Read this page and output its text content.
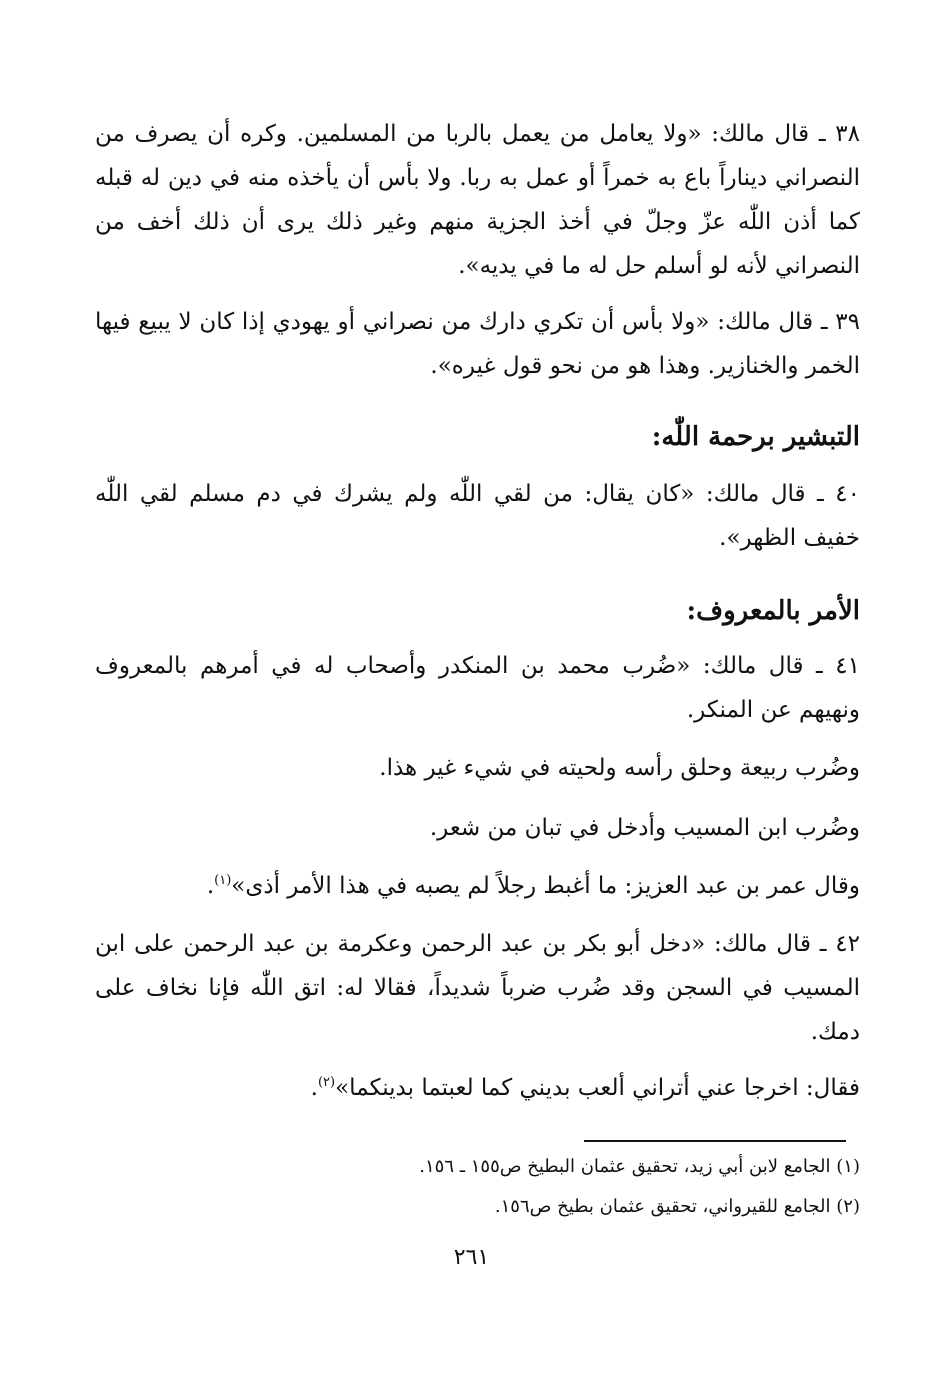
٣٨ ـ قال مالك: «ولا يعامل من يعمل بالربا من المسلمين. وكره أن يصرف من النصراني ديناراً باع به خمراً أو عمل به ربا. ولا بأس أن يأخذه منه في دين له قبله كما أذن اللّٰه عزّ وجلّ في أخذ الجزية منهم وغير ذلك يرى أن ذلك أخف من النصراني لأنه لو أسلم حل له ما في يديه».

٣٩ ـ قال مالك: «ولا بأس أن تكري دارك من نصراني أو يهودي إذا كان لا يبيع فيها الخمر والخنازير. وهذا هو من نحو قول غيره».

التبشير برحمة اللّٰه:

٤٠ ـ قال مالك: «كان يقال: من لقي اللّٰه ولم يشرك في دم مسلم لقي اللّٰه خفيف الظهر».

الأمر بالمعروف:

٤١ ـ قال مالك: «ضُرب محمد بن المنكدر وأصحاب له في أمرهم بالمعروف ونهيهم عن المنكر.

وضُرب ربيعة وحلق رأسه ولحيته في شيء غير هذا.

وضُرب ابن المسيب وأدخل في تبان من شعر.

وقال عمر بن عبد العزيز: ما أغبط رجلاً لم يصبه في هذا الأمر أذى»$^{(١)}$.

٤٢ ـ قال مالك: «دخل أبو بكر بن عبد الرحمن وعكرمة بن عبد الرحمن على ابن المسيب في السجن وقد ضُرب ضرباً شديداً، فقالا له: اتق اللّٰه فإنا نخاف على دمك.

فقال: اخرجا عني أتراني ألعب بديني كما لعبتما بدينكما»$^{(٢)}$.

(١) الجامع لابن أبي زيد، تحقيق عثمان البطيخ ص١٥٥ ـ ١٥٦.

(٢) الجامع للقيرواني، تحقيق عثمان بطيخ ص١٥٦.

٢٦١
